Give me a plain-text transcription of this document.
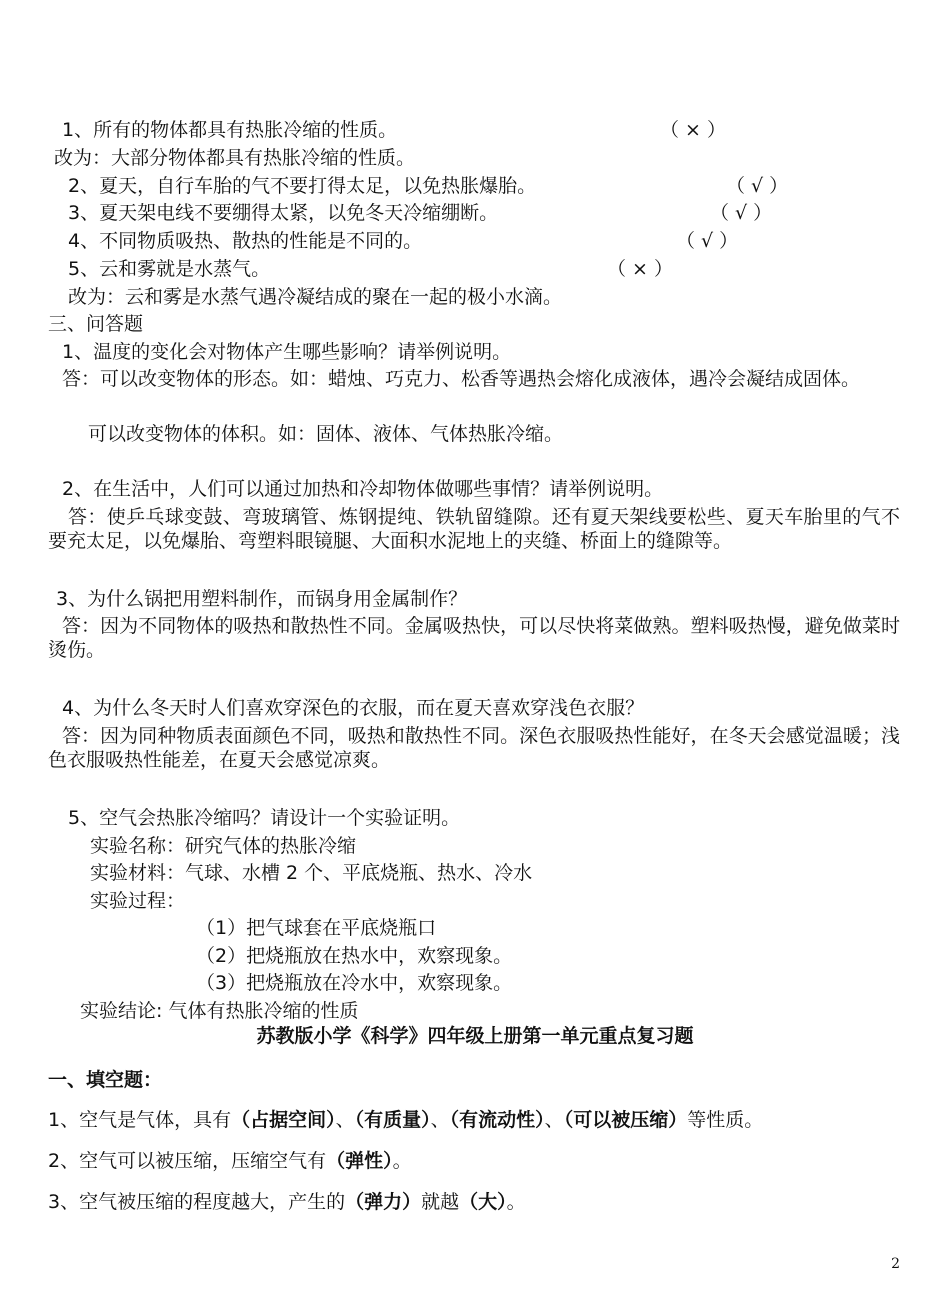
1、所有的物体都具有热胀冷缩的性质。	（ × ）
改为：大部分物体都具有热胀冷缩的性质。
2、夏天，自行车胎的气不要打得太足，以免热胀爆胎。	（ √ ）
3、夏天架电线不要绷得太紧，以免冬天冷缩绷断。	（ √ ）
4、不同物质吸热、散热的性能是不同的。	（ √ ）
5、云和雾就是水蒸气。	（ × ）
改为：云和雾是水蒸气遇冷凝结成的聚在一起的极小水滴。
三、问答题
1、温度的变化会对物体产生哪些影响？请举例说明。
答：可以改变物体的形态。如：蜡烛、巧克力、松香等遇热会熔化成液体，遇冷会凝结成固体。
可以改变物体的体积。如：固体、液体、气体热胀冷缩。
2、在生活中，人们可以通过加热和冷却物体做哪些事情？请举例说明。
答：使乒乓球变鼓、弯玻璃管、炼钢提纯、铁轨留缝隙。还有夏天架线要松些、夏天车胎里的气不要充太足，以免爆胎、弯塑料眼镜腿、大面积水泥地上的夹缝、桥面上的缝隙等。
3、为什么锅把用塑料制作，而锅身用金属制作？
答：因为不同物体的吸热和散热性不同。金属吸热快，可以尽快将菜做熟。塑料吸热慢，避免做菜时烫伤。
4、为什么冬天时人们喜欢穿深色的衣服，而在夏天喜欢穿浅色衣服？
答：因为同种物质表面颜色不同，吸热和散热性不同。深色衣服吸热性能好，在冬天会感觉温暖；浅色衣服吸热性能差，在夏天会感觉凉爽。
5、空气会热胀冷缩吗？请设计一个实验证明。
实验名称：研究气体的热胀冷缩
实验材料：气球、水槽 2 个、平底烧瓶、热水、冷水
实验过程：
（1）把气球套在平底烧瓶口
（2）把烧瓶放在热水中，欢察现象。
（3）把烧瓶放在冷水中，欢察现象。
实验结论: 气体有热胀冷缩的性质
苏教版小学《科学》四年级上册第一单元重点复习题
一、填空题：
1、空气是气体，具有（占据空间）、（有质量）、（有流动性）、（可以被压缩）等性质。
2、空气可以被压缩，压缩空气有（弹性）。
3、空气被压缩的程度越大，产生的（弹力）就越（大）。
2
